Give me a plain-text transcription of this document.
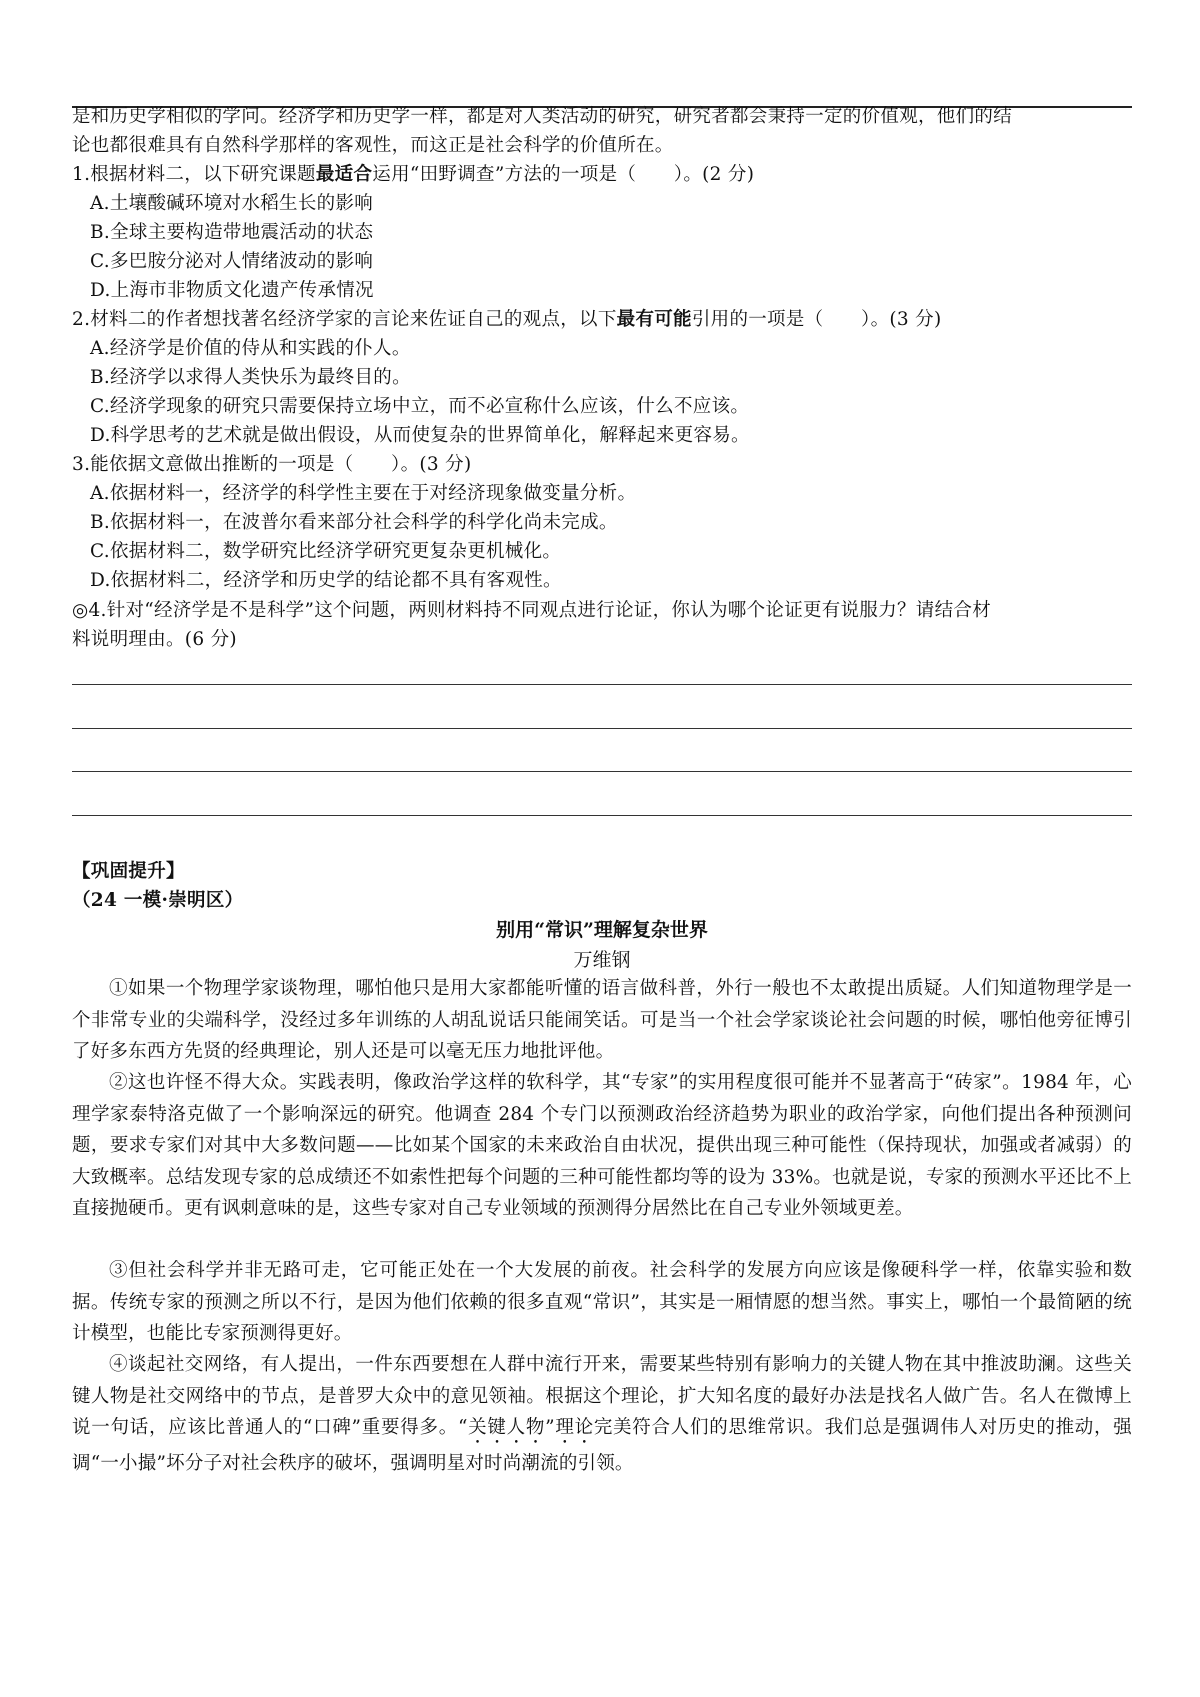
是和历史学相似的学问。经济学和历史学一样，都是对人类活动的研究，研究者都会秉持一定的价值观，他们的结
论也都很难具有自然科学那样的客观性，而这正是社会科学的价值所在。
1.根据材料二，以下研究课题最适合运用“田野调查”方法的一项是（　　）。(2 分)
A.土壤酸碱环境对水稻生长的影响
B.全球主要构造带地震活动的状态
C.多巴胺分泌对人情绪波动的影响
D.上海市非物质文化遗产传承情况
2.材料二的作者想找著名经济学家的言论来佐证自己的观点，以下最有可能引用的一项是（　　）。(3 分)
A.经济学是价值的侍从和实践的仆人。
B.经济学以求得人类快乐为最终目的。
C.经济学现象的研究只需要保持立场中立，而不必宣称什么应该，什么不应该。
D.科学思考的艺术就是做出假设，从而使复杂的世界简单化，解释起来更容易。
3.能依据文意做出推断的一项是（　　）。(3 分)
A.依据材料一，经济学的科学性主要在于对经济现象做变量分析。
B.依据材料一，在波普尔看来部分社会科学的科学化尚未完成。
C.依据材料二，数学研究比经济学研究更复杂更机械化。
D.依据材料二，经济学和历史学的结论都不具有客观性。
◎4.针对“经济学是不是科学”这个问题，两则材料持不同观点进行论证，你认为哪个论证更有说服力？请结合材
料说明理由。(6 分)
【巩固提升】
（24 一模·崇明区）
别用“常识”理解复杂世界
万维钢
①如果一个物理学家谈物理，哪怕他只是用大家都能听懂的语言做科普，外行一般也不太敢提出质疑。人们知道物理学是一个非常专业的尖端科学，没经过多年训练的人胡乱说话只能闹笑话。可是当一个社会学家谈论社会问题的时候，哪怕他旁征博引了好多东西方先贤的经典理论，别人还是可以毫无压力地批评他。
②这也许怪不得大众。实践表明，像政治学这样的软科学，其“专家”的实用程度很可能并不显著高于“砖家”。1984 年，心理学家泰特洛克做了一个影响深远的研究。他调查 284 个专门以预测政治经济趋势为职业的政治学家，向他们提出各种预测问题，要求专家们对其中大多数问题——比如某个国家的未来政治自由状况，提供出现三种可能性（保持现状，加强或者减弱）的大致概率。总结发现专家的总成绩还不如索性把每个问题的三种可能性都均等的设为 33%。也就是说，专家的预测水平还比不上直接抛硬币。更有讽刺意味的是，这些专家对自己专业领域的预测得分居然比在自己专业外领域更差。
③但社会科学并非无路可走，它可能正处在一个大发展的前夜。社会科学的发展方向应该是像硬科学一样，依靠实验和数据。传统专家的预测之所以不行，是因为他们依赖的很多直观“常识”，其实是一厢情愿的想当然。事实上，哪怕一个最简陋的统计模型，也能比专家预测得更好。
④谈起社交网络，有人提出，一件东西要想在人群中流行开来，需要某些特别有影响力的关键人物在其中推波助澜。这些关键人物是社交网络中的节点，是普罗大众中的意见领袖。根据这个理论，扩大知名度的最好办法是找名人做广告。名人在微博上说一句话，应该比普通人的“口碑”重要得多。“关键人物”理论完美符合人们的思维常识。我们总是强调伟人对历史的推动，强调“一小撮”坏分子对社会秩序的破坏，强调明星对时尚潮流的引领。
